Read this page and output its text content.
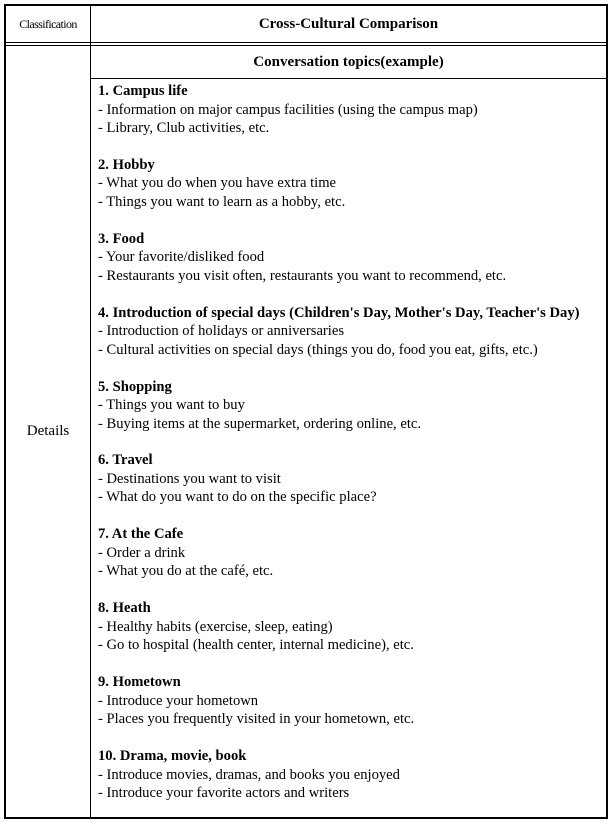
Classification	Cross-Cultural Comparison
Details
Conversation topics(example)
1. Campus life
- Information on major campus facilities (using the campus map)
- Library, Club activities, etc.
2. Hobby
- What you do when you have extra time
- Things you want to learn as a hobby, etc.
3. Food
- Your favorite/disliked food
- Restaurants you visit often, restaurants you want to recommend, etc.
4. Introduction of special days (Children's Day, Mother's Day, Teacher's Day)
- Introduction of holidays or anniversaries
- Cultural activities on special days (things you do, food you eat, gifts, etc.)
5. Shopping
- Things you want to buy
- Buying items at the supermarket, ordering online, etc.
6. Travel
- Destinations you want to visit
- What do you want to do on the specific place?
7. At the Cafe
- Order a drink
- What you do at the café, etc.
8. Heath
- Healthy habits (exercise, sleep, eating)
- Go to hospital (health center, internal medicine), etc.
9. Hometown
- Introduce your hometown
- Places you frequently visited in your hometown, etc.
10. Drama, movie, book
- Introduce movies, dramas, and books you enjoyed
- Introduce your favorite actors and writers
